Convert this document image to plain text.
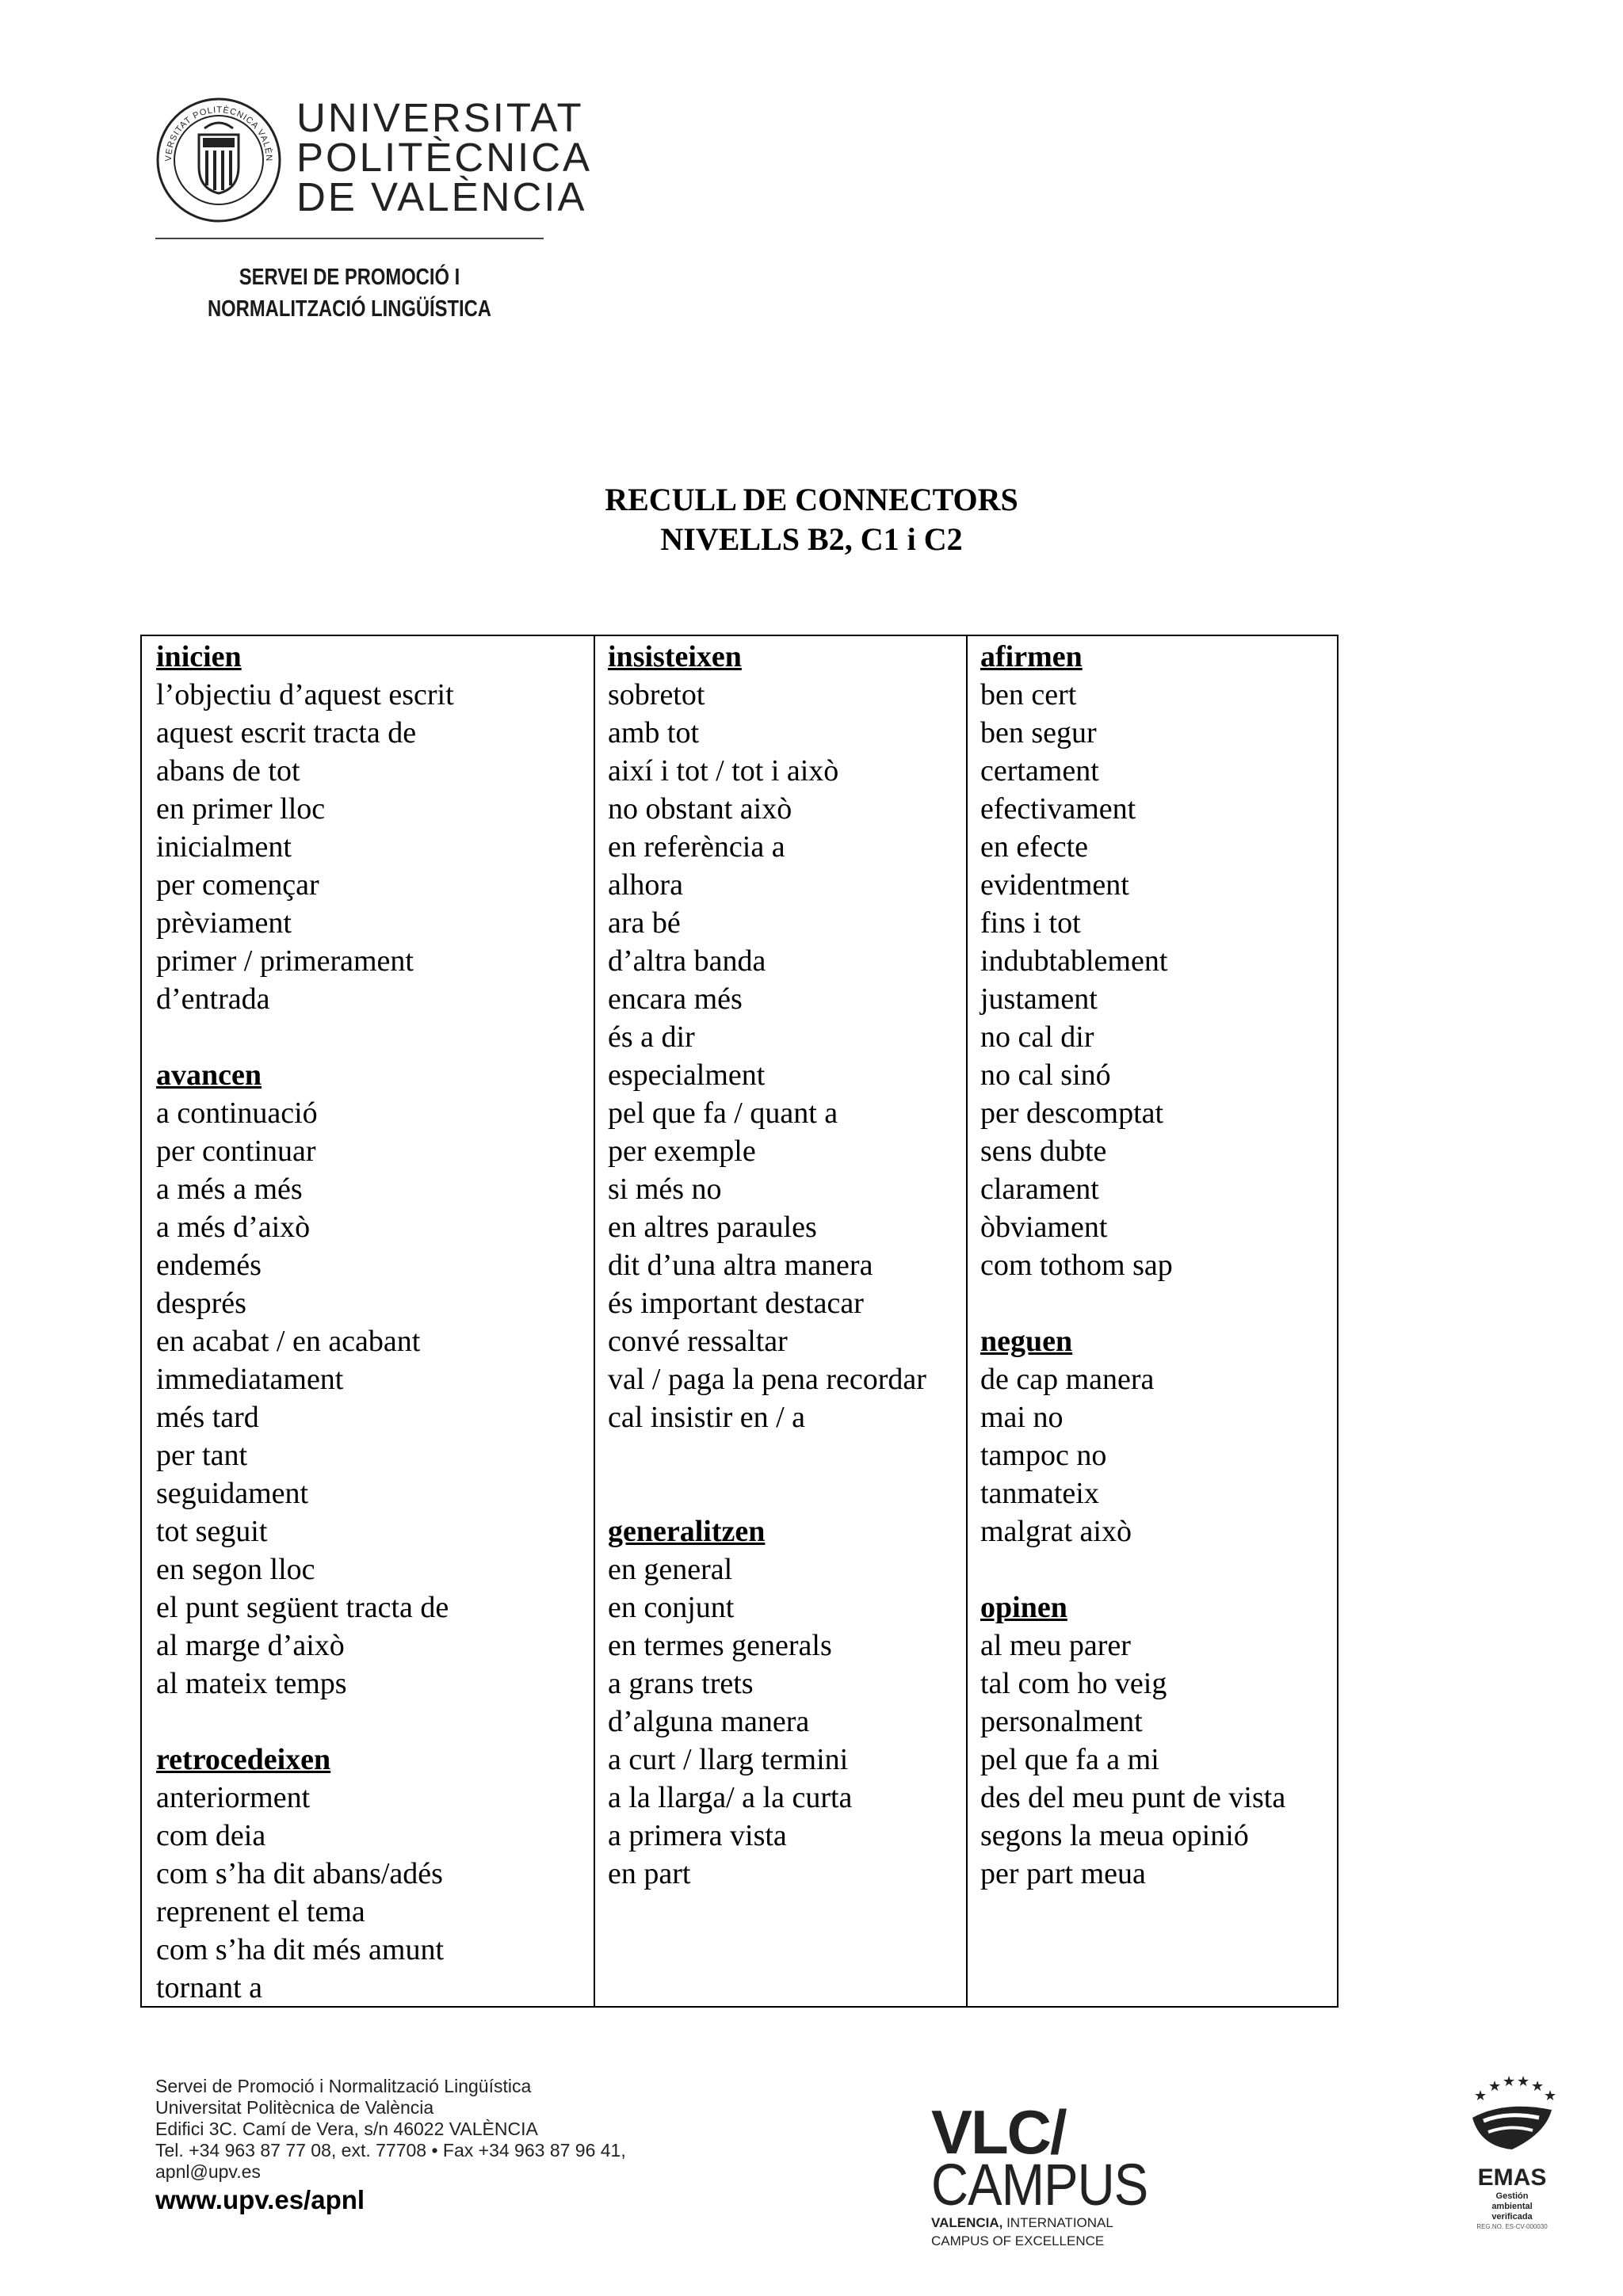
VERSITAT POLITÈCNICA VALÈN
UNIVERSITAT
POLITÈCNICA
DE VALÈNCIA
SERVEI DE PROMOCIÓ I
NORMALITZACIÓ LINGÜÍSTICA
RECULL DE CONNECTORS
NIVELLS B2, C1 i C2
inicien
l’objectiu d’aquest escrit
aquest escrit tracta de
abans de tot
en primer lloc
inicialment
per començar
prèviament
primer / primerament
d’entrada
avancen
a continuació
per continuar
a més a més
a més d’això
endemés
després
en acabat / en acabant
immediatament
més tard
per tant
seguidament
tot seguit
en segon lloc
el punt següent tracta de
al marge d’això
al mateix temps
retrocedeixen
anteriorment
com deia
com s’ha dit abans/adés
reprenent el tema
com s’ha dit més amunt
tornant a
insisteixen
sobretot
amb tot
així i tot / tot i això
no obstant això
en referència a
alhora
ara bé
d’altra banda
encara més
és a dir
especialment
pel que fa / quant a
per exemple
si més no
en altres paraules
dit d’una altra manera
és important destacar
convé ressaltar
val / paga la pena recordar
cal insistir en / a
generalitzen
en general
en conjunt
en termes generals
a grans trets
d’alguna manera
a curt / llarg termini
a la llarga/ a la curta
a primera vista
en part
afirmen
ben cert
ben segur
certament
efectivament
en efecte
evidentment
fins i tot
indubtablement
justament
no cal dir
no cal sinó
per descomptat
sens dubte
clarament
òbviament
com tothom sap
neguen
de cap manera
mai no
tampoc no
tanmateix
malgrat això
opinen
al meu parer
tal com ho veig
personalment
pel que fa a mi
des del meu punt de vista
segons la meua opinió
per part meua
Servei de Promoció i Normalització Lingüística
Universitat Politècnica de València
Edifici 3C. Camí de Vera, s/n 46022 VALÈNCIA
Tel. +34 963 87 77 08, ext. 77708 • Fax +34 963 87 96 41,
apnl@upv.es
www.upv.es/apnl
VLC/
CAMPUS
VALENCIA, INTERNATIONAL
CAMPUS OF EXCELLENCE
★ ★ ★ ★
★	★
EMAS
Gestión
ambiental
verificada
REG.NO. ES-CV-000030
